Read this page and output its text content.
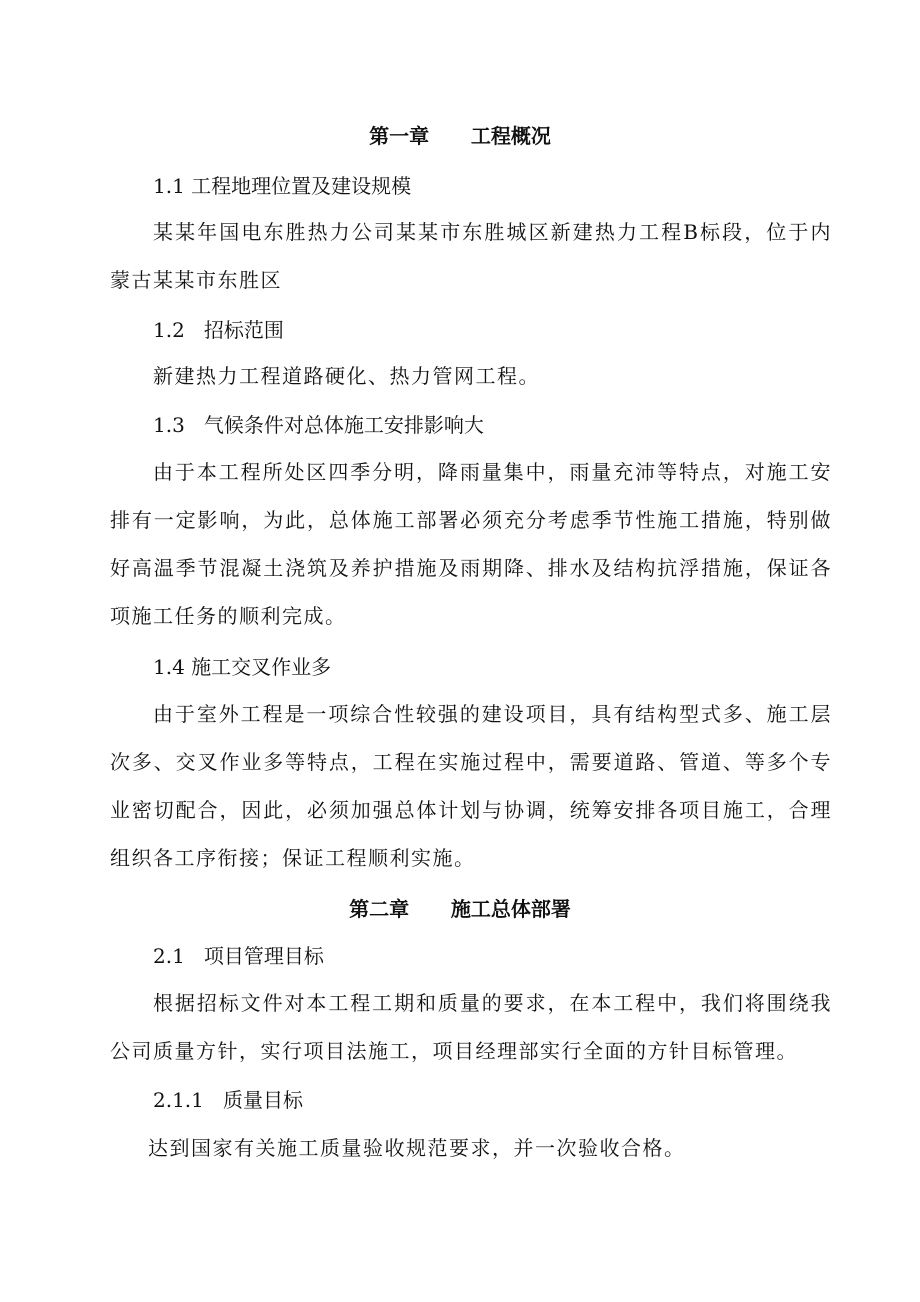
第一章      工程概况
1.1 工程地理位置及建设规模
某某年国电东胜热力公司某某市东胜城区新建热力工程B标段，位于内蒙古某某市东胜区
1.2   招标范围
新建热力工程道路硬化、热力管网工程。
1.3   气候条件对总体施工安排影响大
由于本工程所处区四季分明，降雨量集中，雨量充沛等特点，对施工安排有一定影响，为此，总体施工部署必须充分考虑季节性施工措施，特别做好高温季节混凝土浇筑及养护措施及雨期降、排水及结构抗浮措施，保证各项施工任务的顺利完成。
1.4 施工交叉作业多
由于室外工程是一项综合性较强的建设项目，具有结构型式多、施工层次多、交叉作业多等特点，工程在实施过程中，需要道路、管道、等多个专业密切配合，因此，必须加强总体计划与协调，统筹安排各项目施工，合理组织各工序衔接；保证工程顺利实施。
第二章      施工总体部署
2.1   项目管理目标
根据招标文件对本工程工期和质量的要求，在本工程中，我们将围绕我公司质量方针，实行项目法施工，项目经理部实行全面的方针目标管理。
2.1.1   质量目标
达到国家有关施工质量验收规范要求，并一次验收合格。
